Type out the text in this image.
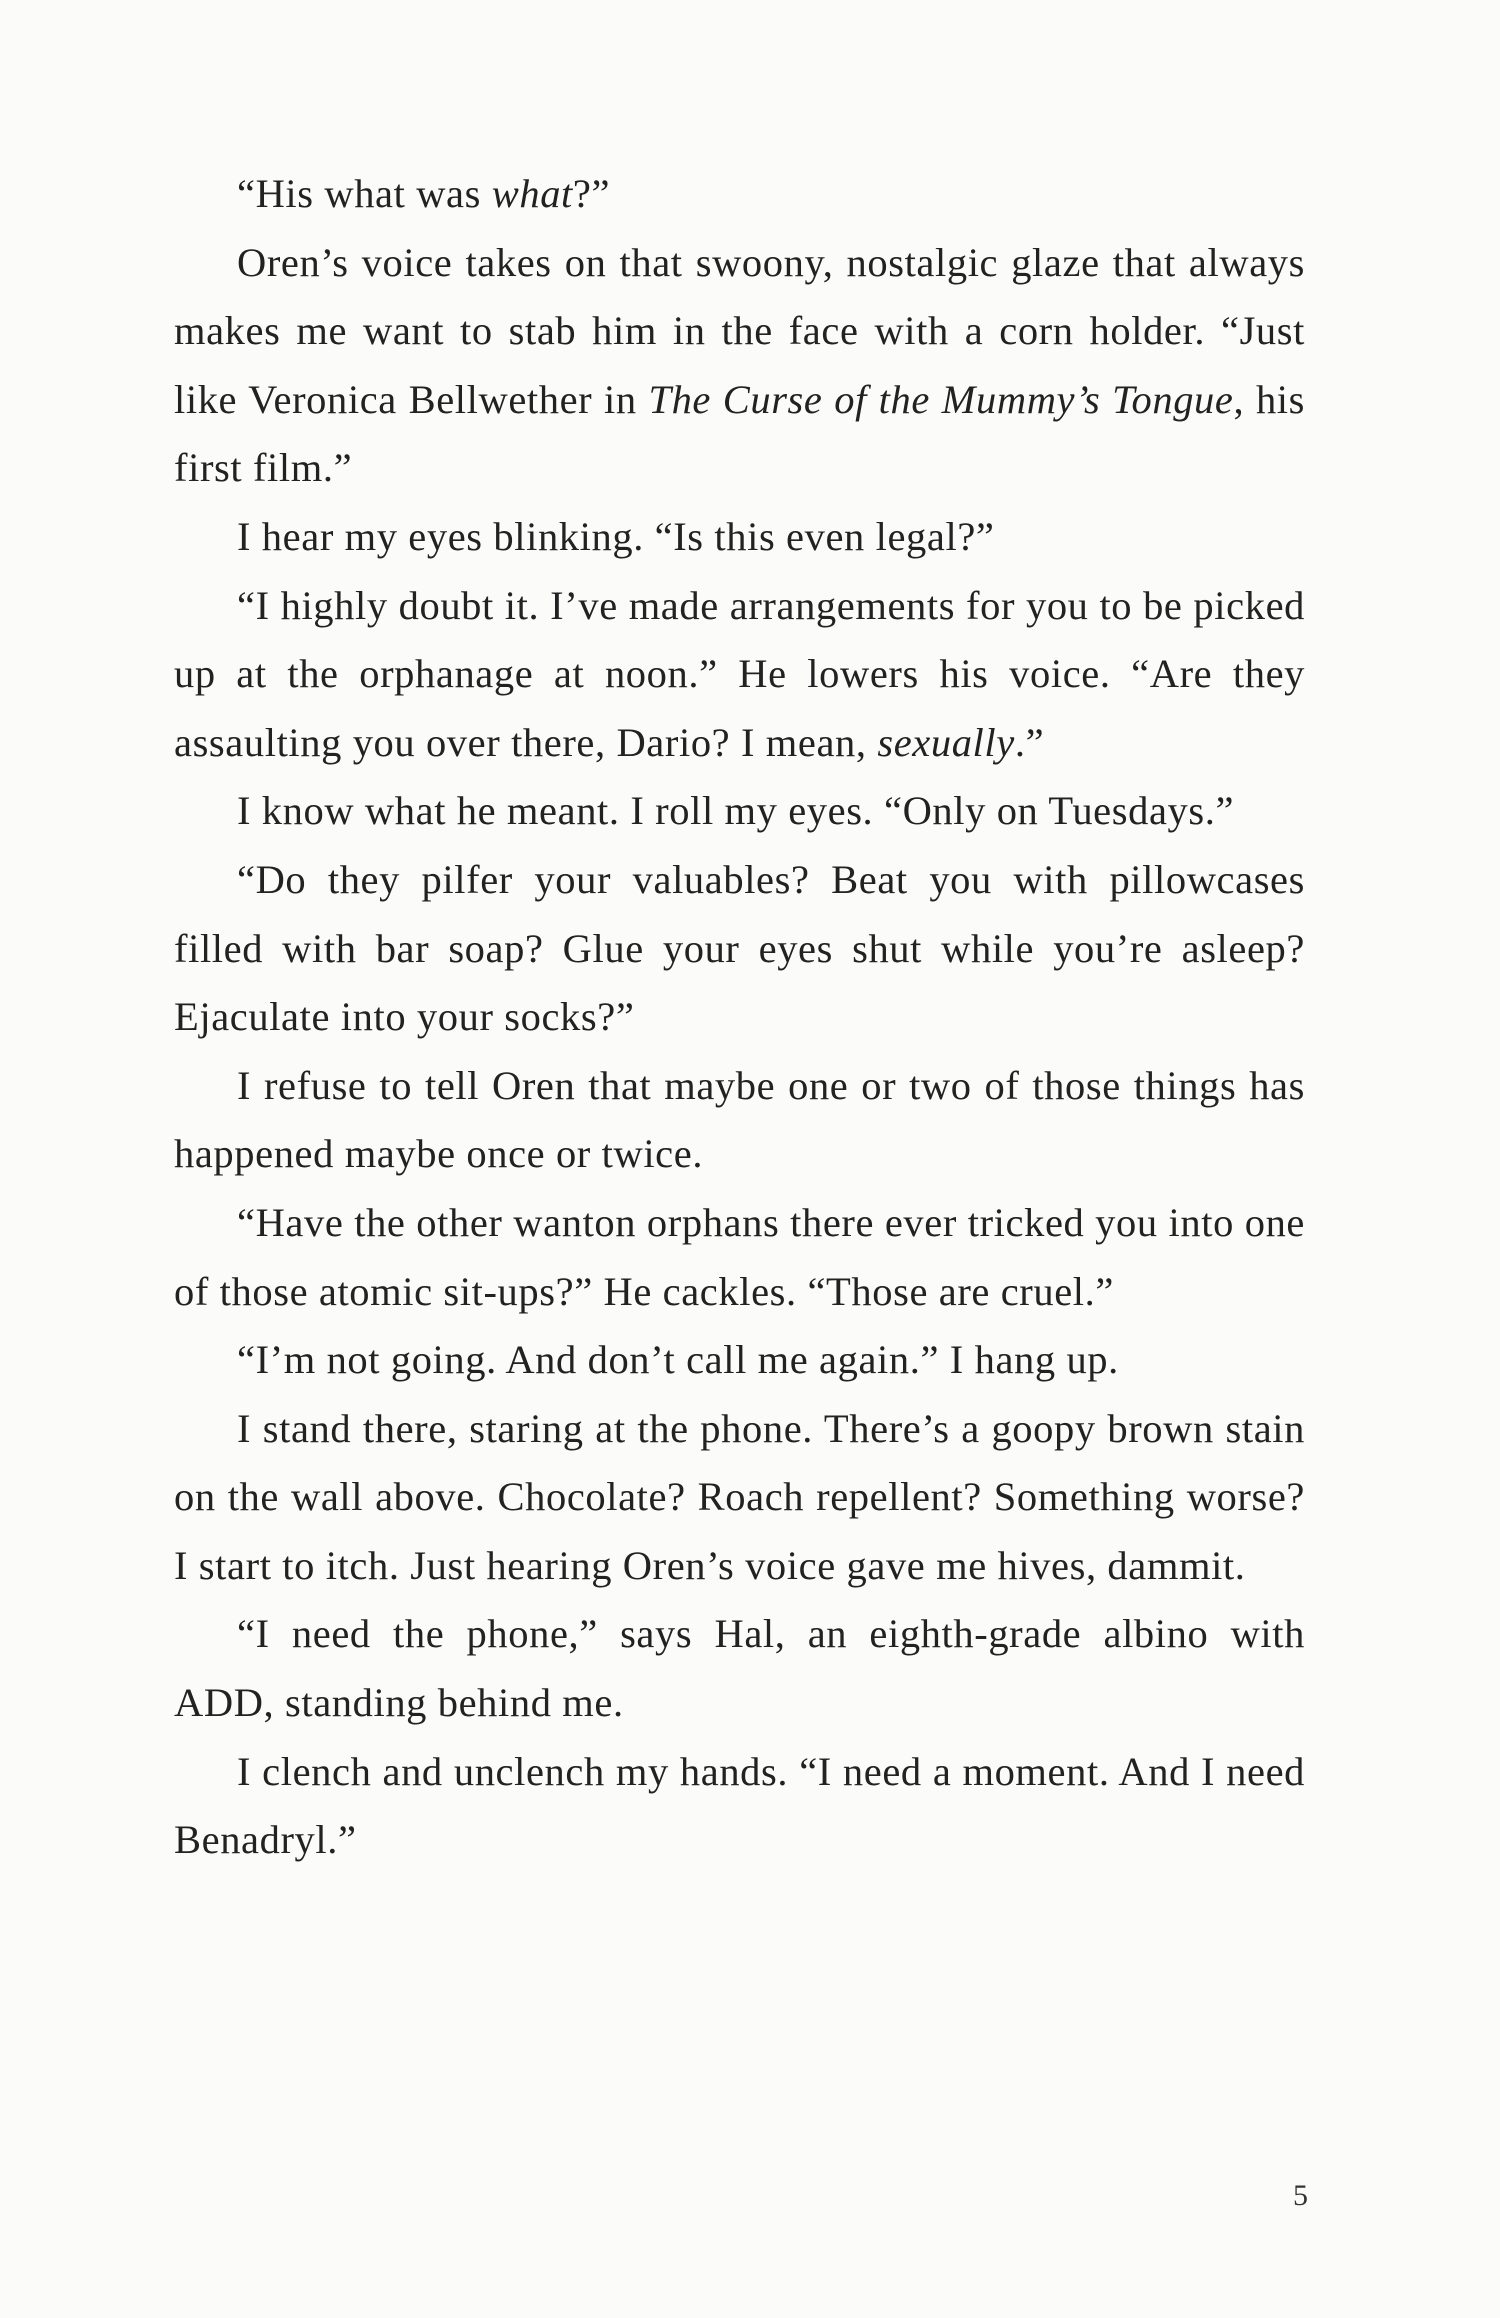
“His what was what?”

Oren’s voice takes on that swoony, nostalgic glaze that always makes me want to stab him in the face with a corn holder. “Just like Veronica Bellwether in The Curse of the Mummy’s Tongue, his first film.”

I hear my eyes blinking. “Is this even legal?”

“I highly doubt it. I’ve made arrangements for you to be picked up at the orphanage at noon.” He lowers his voice. “Are they assaulting you over there, Dario? I mean, sexually.”

I know what he meant. I roll my eyes. “Only on Tuesdays.”

“Do they pilfer your valuables? Beat you with pillowcases filled with bar soap? Glue your eyes shut while you’re asleep? Ejaculate into your socks?”

I refuse to tell Oren that maybe one or two of those things has happened maybe once or twice.

“Have the other wanton orphans there ever tricked you into one of those atomic sit-ups?” He cackles. “Those are cruel.”

“I’m not going. And don’t call me again.” I hang up.

I stand there, staring at the phone. There’s a goopy brown stain on the wall above. Chocolate? Roach repellent? Something worse? I start to itch. Just hearing Oren’s voice gave me hives, dammit.

“I need the phone,” says Hal, an eighth-grade albino with ADD, standing behind me.

I clench and unclench my hands. “I need a moment. And I need Benadryl.”

5
